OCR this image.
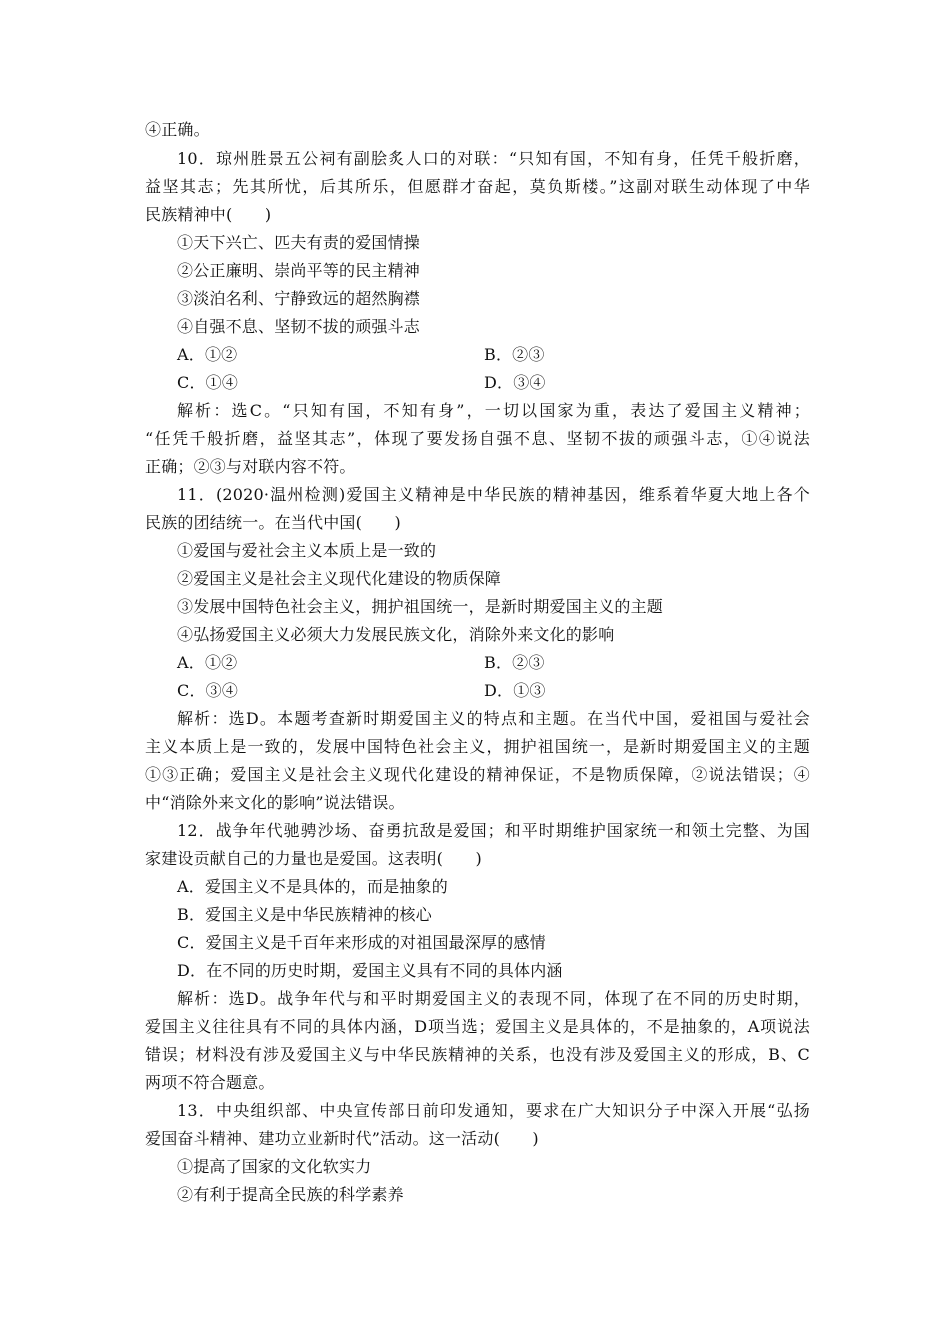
④正确。
10．琼州胜景五公祠有副脍炙人口的对联：“只知有国，不知有身，任凭千般折磨，
益坚其志；先其所忧，后其所乐，但愿群才奋起，莫负斯楼。”这副对联生动体现了中华
民族精神中(　　)
①天下兴亡、匹夫有责的爱国情操
②公正廉明、崇尚平等的民主精神
③淡泊名利、宁静致远的超然胸襟
④自强不息、坚韧不拔的顽强斗志
A．①②	B．②③
C．①④	D．③④
解析：选C。“只知有国，不知有身”，一切以国家为重，表达了爱国主义精神；
“任凭千般折磨，益坚其志”，体现了要发扬自强不息、坚韧不拔的顽强斗志，①④说法
正确；②③与对联内容不符。
11．(2020·温州检测)爱国主义精神是中华民族的精神基因，维系着华夏大地上各个
民族的团结统一。在当代中国(　　)
①爱国与爱社会主义本质上是一致的
②爱国主义是社会主义现代化建设的物质保障
③发展中国特色社会主义，拥护祖国统一，是新时期爱国主义的主题
④弘扬爱国主义必须大力发展民族文化，消除外来文化的影响
A．①②	B．②③
C．③④	D．①③
解析：选D。本题考查新时期爱国主义的特点和主题。在当代中国，爱祖国与爱社会
主义本质上是一致的，发展中国特色社会主义，拥护祖国统一，是新时期爱国主义的主题
①③正确；爱国主义是社会主义现代化建设的精神保证，不是物质保障，②说法错误；④
中“消除外来文化的影响”说法错误。
12．战争年代驰骋沙场、奋勇抗敌是爱国；和平时期维护国家统一和领土完整、为国
家建设贡献自己的力量也是爱国。这表明(　　)
A．爱国主义不是具体的，而是抽象的
B．爱国主义是中华民族精神的核心
C．爱国主义是千百年来形成的对祖国最深厚的感情
D．在不同的历史时期，爱国主义具有不同的具体内涵
解析：选D。战争年代与和平时期爱国主义的表现不同，体现了在不同的历史时期，
爱国主义往往具有不同的具体内涵，D项当选；爱国主义是具体的，不是抽象的，A项说法
错误；材料没有涉及爱国主义与中华民族精神的关系，也没有涉及爱国主义的形成，B、C
两项不符合题意。
13．中央组织部、中央宣传部日前印发通知，要求在广大知识分子中深入开展“弘扬
爱国奋斗精神、建功立业新时代”活动。这一活动(　　)
①提高了国家的文化软实力
②有利于提高全民族的科学素养
